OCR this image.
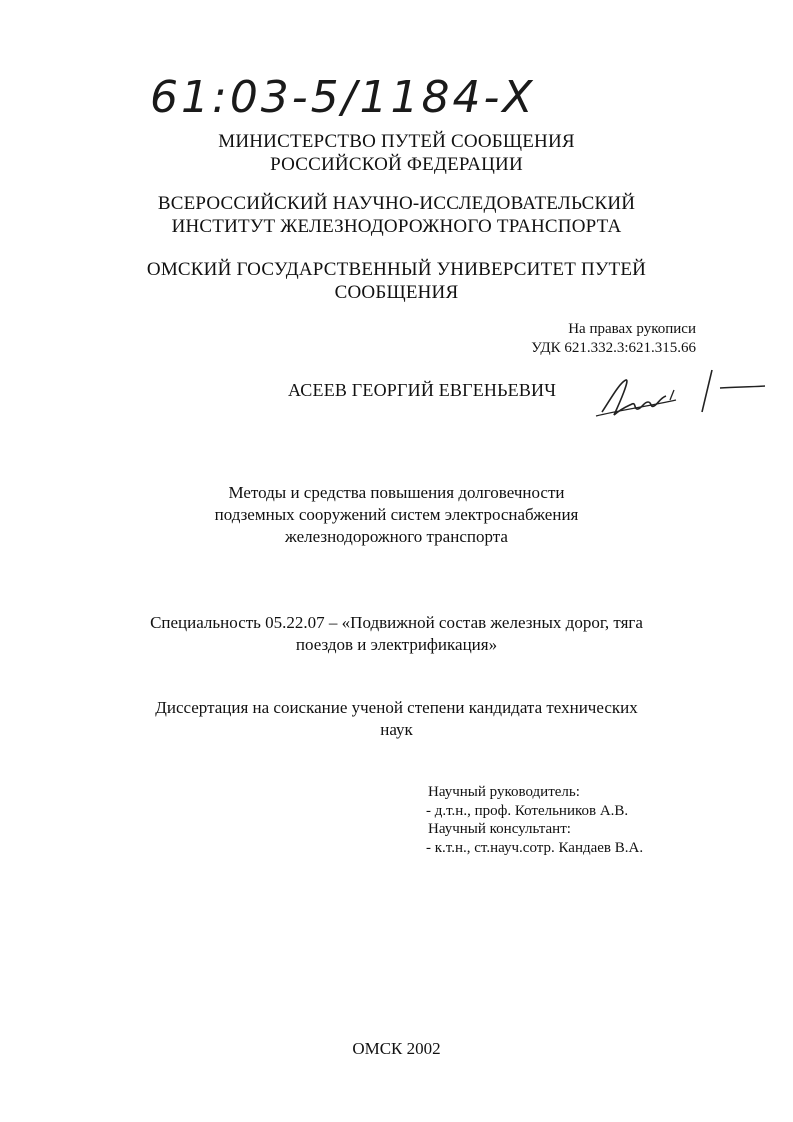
61:03-5/1184-Х
МИНИСТЕРСТВО ПУТЕЙ СООБЩЕНИЯ
РОССИЙСКОЙ ФЕДЕРАЦИИ
ВСЕРОССИЙСКИЙ НАУЧНО-ИССЛЕДОВАТЕЛЬСКИЙ
ИНСТИТУТ ЖЕЛЕЗНОДОРОЖНОГО ТРАНСПОРТА
ОМСКИЙ ГОСУДАРСТВЕННЫЙ УНИВЕРСИТЕТ ПУТЕЙ
СООБЩЕНИЯ
На правах рукописи
УДК 621.332.3:621.315.66
АСЕЕВ ГЕОРГИЙ ЕВГЕНЬЕВИЧ
Методы и средства повышения долговечности
подземных сооружений систем электроснабжения
железнодорожного транспорта
Специальность 05.22.07 – «Подвижной состав железных дорог, тяга
поездов и электрификация»
Диссертация на соискание ученой степени кандидата технических
наук
Научный руководитель:
- д.т.н., проф. Котельников А.В.
Научный консультант:
- к.т.н., ст.науч.сотр. Кандаев В.А.
ОМСК 2002
